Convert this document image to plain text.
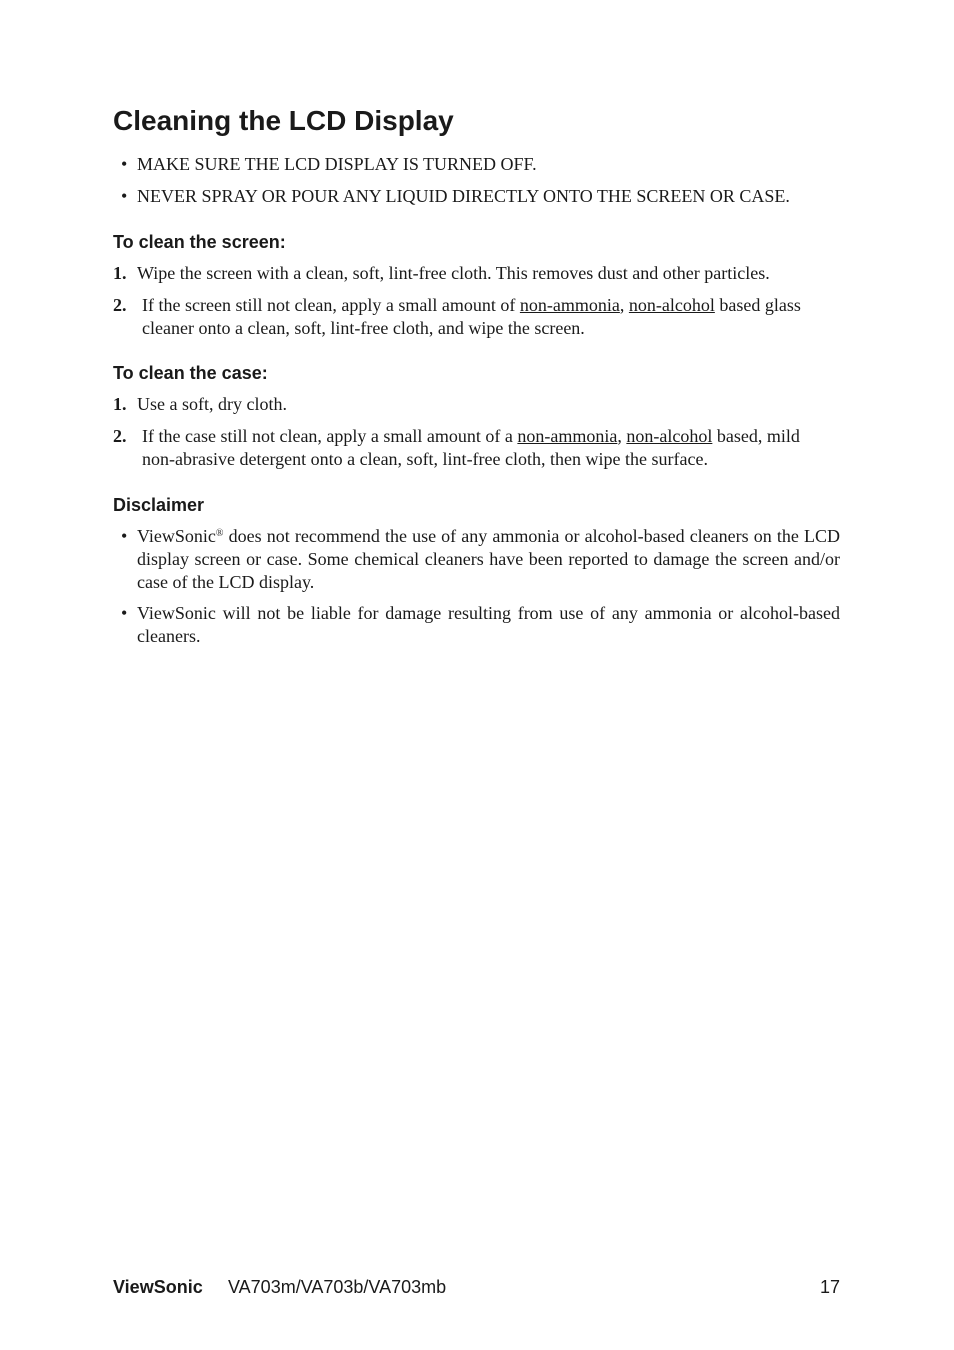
Cleaning the LCD Display
• MAKE SURE THE LCD DISPLAY IS TURNED OFF.
• NEVER SPRAY OR POUR ANY LIQUID DIRECTLY ONTO THE SCREEN OR CASE.
To clean the screen:
1. Wipe the screen with a clean, soft, lint-free cloth. This removes dust and other particles.
2. If the screen still not clean, apply a small amount of non-ammonia, non-alcohol based glass
cleaner onto a clean, soft, lint-free cloth, and wipe the screen.
To clean the case:
1. Use a soft, dry cloth.
2. If the case still not clean, apply a small amount of a non-ammonia, non-alcohol based, mild
non-abrasive detergent onto a clean, soft, lint-free cloth, then wipe the surface.
Disclaimer
• ViewSonic® does not recommend the use of any ammonia or alcohol-based cleaners on the LCD display screen or case. Some chemical cleaners have been reported to damage the screen and/or case of the LCD display.
• ViewSonic will not be liable for damage resulting from use of any ammonia or alcohol-based cleaners.
ViewSonic VA703m/VA703b/VA703mb	17
